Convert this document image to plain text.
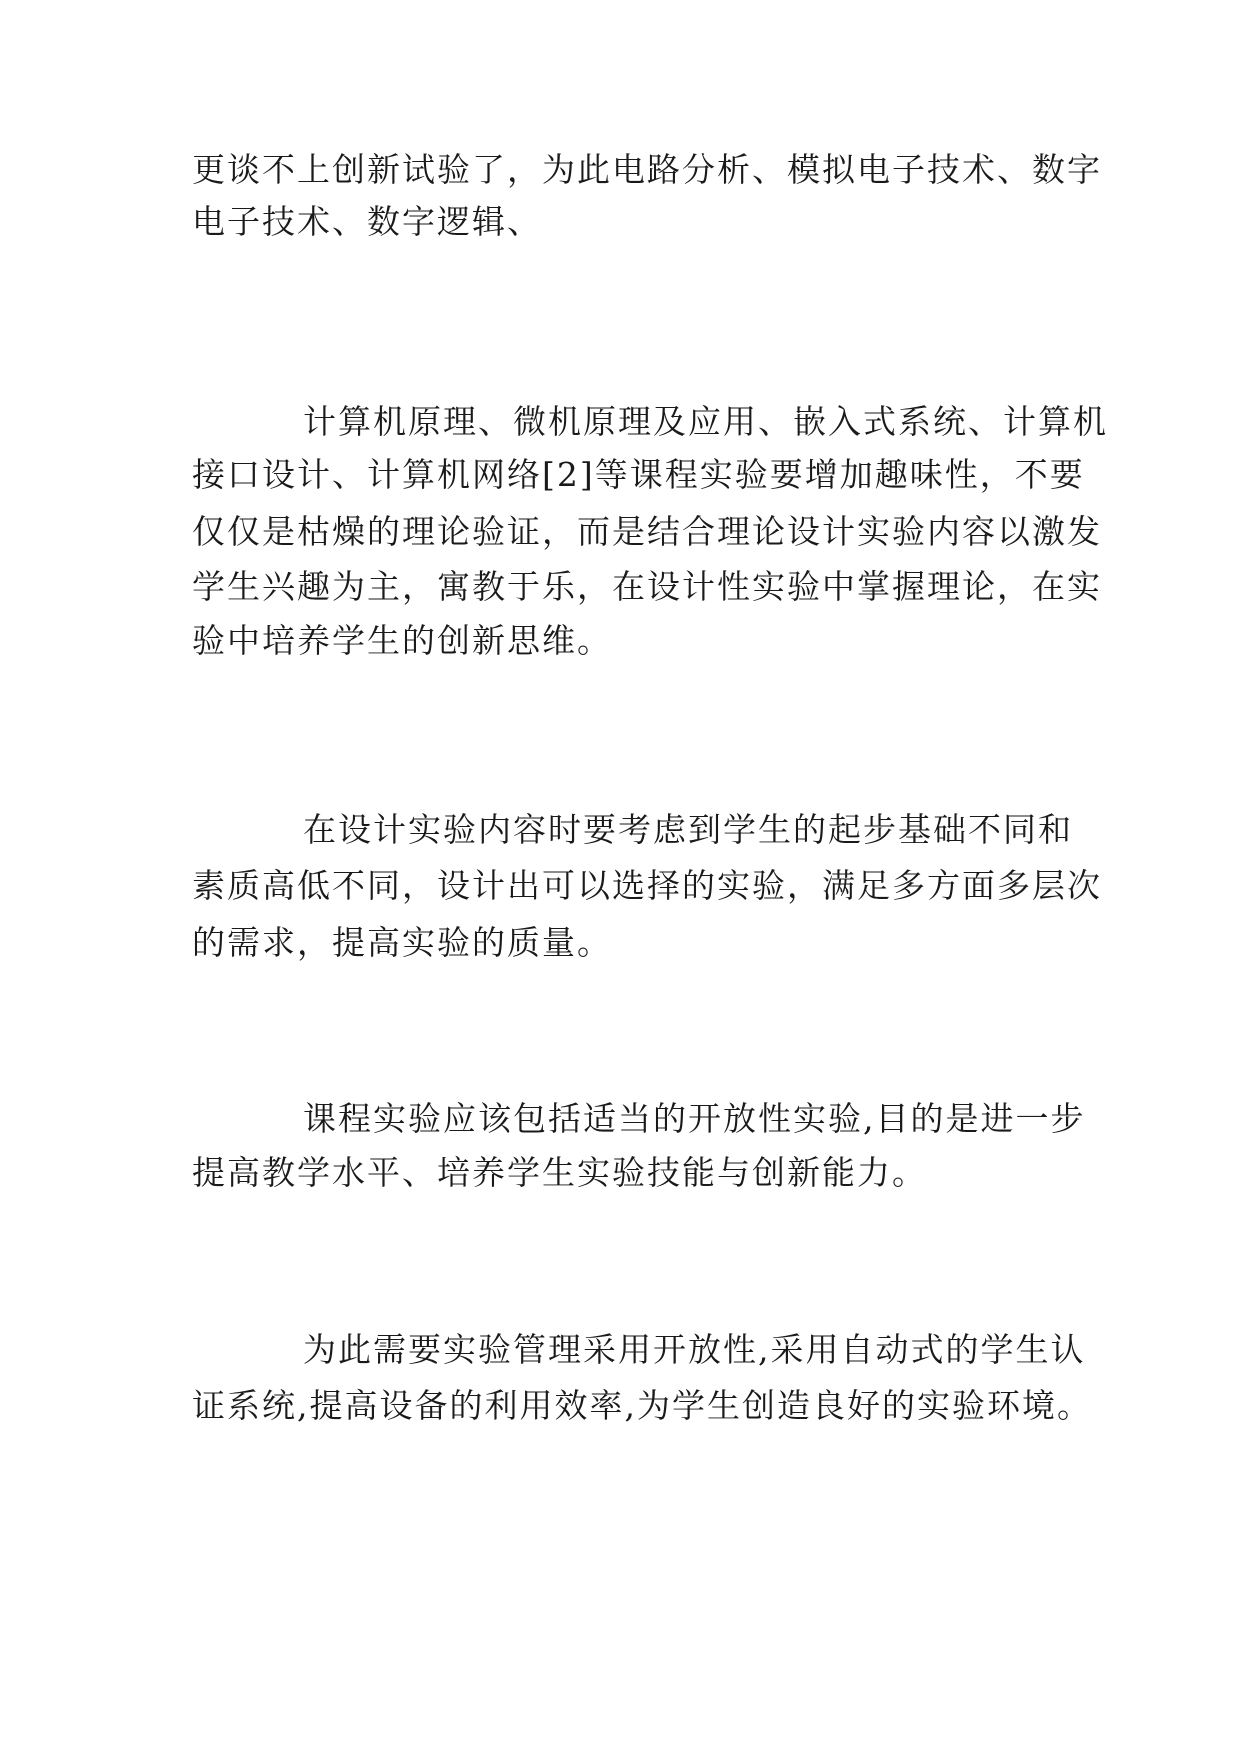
更谈不上创新试验了，为此电路分析、模拟电子技术、数字

电子技术、数字逻辑、

计算机原理、微机原理及应用、嵌入式系统、计算机

接口设计、计算机网络[2]等课程实验要增加趣味性，不要

仅仅是枯燥的理论验证，而是结合理论设计实验内容以激发

学生兴趣为主，寓教于乐，在设计性实验中掌握理论，在实

验中培养学生的创新思维。

在设计实验内容时要考虑到学生的起步基础不同和

素质高低不同，设计出可以选择的实验，满足多方面多层次

的需求，提高实验的质量。

课程实验应该包括适当的开放性实验,目的是进一步

提高教学水平、培养学生实验技能与创新能力。

为此需要实验管理采用开放性,采用自动式的学生认

证系统,提高设备的利用效率,为学生创造良好的实验环境。
